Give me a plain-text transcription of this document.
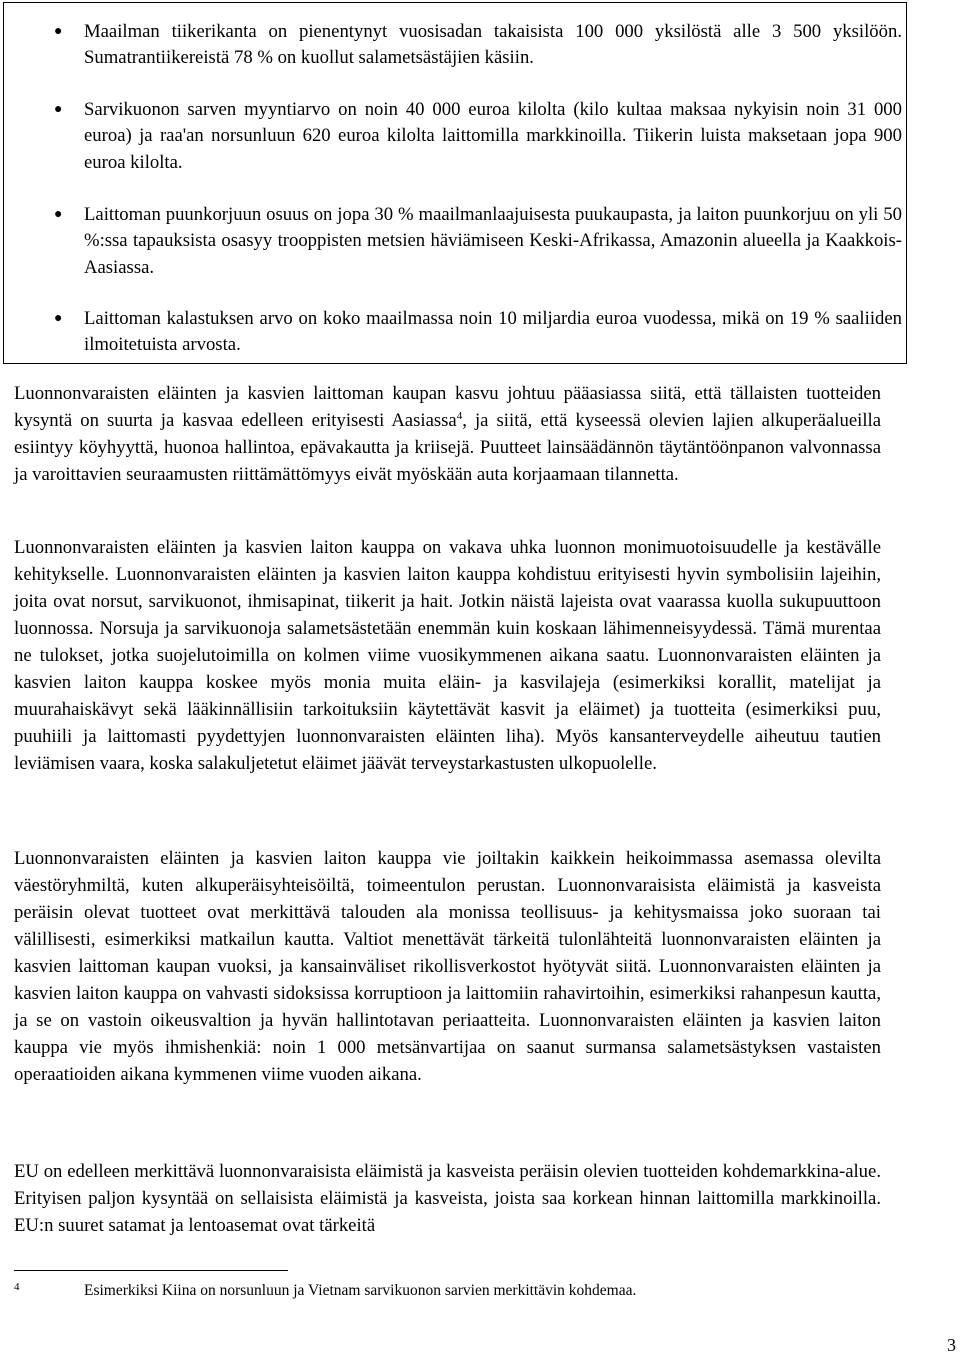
● Maailman tiikerikanta on pienentynyt vuosisadan takaisista 100 000 yksilöstä alle 3 500 yksilöön. Sumatrantiikereistä 78 % on kuollut salametsästäjien käsiin.
● Sarvikuonon sarven myyntiarvo on noin 40 000 euroa kilolta (kilo kultaa maksaa nykyisin noin 31 000 euroa) ja raa'an norsunluun 620 euroa kilolta laittomilla markkinoilla. Tiikerin luista maksetaan jopa 900 euroa kilolta.
● Laittoman puunkorjuun osuus on jopa 30 % maailmanlaajuisesta puukaupasta, ja laiton puunkorjuu on yli 50 %:ssa tapauksista osasyy trooppisten metsien häviämiseen Keski-Afrikassa, Amazonin alueella ja Kaakkois-Aasiassa.
● Laittoman kalastuksen arvo on koko maailmassa noin 10 miljardia euroa vuodessa, mikä on 19 % saaliiden ilmoitetuista arvosta.

Luonnonvaraisten eläinten ja kasvien laittoman kaupan kasvu johtuu pääasiassa siitä, että tällaisten tuotteiden kysyntä on suurta ja kasvaa edelleen erityisesti Aasiassa$^4$, ja siitä, että kyseessä olevien lajien alkuperäalueilla esiintyy köyhyyttä, huonoa hallintoa, epävakautta ja kriisejä. Puutteet lainsäädännön täytäntöönpanon valvonnassa ja varoittavien seuraamusten riittämättömyys eivät myöskään auta korjaamaan tilannetta.

Luonnonvaraisten eläinten ja kasvien laiton kauppa on vakava uhka luonnon monimuotoisuudelle ja kestävälle kehitykselle. Luonnonvaraisten eläinten ja kasvien laiton kauppa kohdistuu erityisesti hyvin symbolisiin lajeihin, joita ovat norsut, sarvikuonot, ihmisapinat, tiikerit ja hait. Jotkin näistä lajeista ovat vaarassa kuolla sukupuuttoon luonnossa. Norsuja ja sarvikuonoja salametsästetään enemmän kuin koskaan lähimenneisyydessä. Tämä murentaa ne tulokset, jotka suojelutoimilla on kolmen viime vuosikymmenen aikana saatu. Luonnonvaraisten eläinten ja kasvien laiton kauppa koskee myös monia muita eläin- ja kasvilajeja (esimerkiksi korallit, matelijat ja muurahaiskävyt sekä lääkinnällisiin tarkoituksiin käytettävät kasvit ja eläimet) ja tuotteita (esimerkiksi puu, puuhiili ja laittomasti pyydettyjen luonnonvaraisten eläinten liha). Myös kansanterveydelle aiheutuu tautien leviämisen vaara, koska salakuljetetut eläimet jäävät terveystarkastusten ulkopuolelle.

Luonnonvaraisten eläinten ja kasvien laiton kauppa vie joiltakin kaikkein heikoimmassa asemassa olevilta väestöryhmiltä, kuten alkuperäisyhteisöiltä, toimeentulon perustan. Luonnonvaraisista eläimistä ja kasveista peräisin olevat tuotteet ovat merkittävä talouden ala monissa teollisuus- ja kehitysmaissa joko suoraan tai välillisesti, esimerkiksi matkailun kautta. Valtiot menettävät tärkeitä tulonlähteitä luonnonvaraisten eläinten ja kasvien laittoman kaupan vuoksi, ja kansainväliset rikollisverkostot hyötyvät siitä. Luonnonvaraisten eläinten ja kasvien laiton kauppa on vahvasti sidoksissa korruptioon ja laittomiin rahavirtoihin, esimerkiksi rahanpesun kautta, ja se on vastoin oikeusvaltion ja hyvän hallintotavan periaatteita. Luonnonvaraisten eläinten ja kasvien laiton kauppa vie myös ihmishenkiä: noin 1 000 metsänvartijaa on saanut surmansa salametsästyksen vastaisten operaatioiden aikana kymmenen viime vuoden aikana.

EU on edelleen merkittävä luonnonvaraisista eläimistä ja kasveista peräisin olevien tuotteiden kohdemarkkina-alue. Erityisen paljon kysyntää on sellaisista eläimistä ja kasveista, joista saa korkean hinnan laittomilla markkinoilla. EU:n suuret satamat ja lentoasemat ovat tärkeitä

4	Esimerkiksi Kiina on norsunluun ja Vietnam sarvikuonon sarvien merkittävin kohdemaa.
3
